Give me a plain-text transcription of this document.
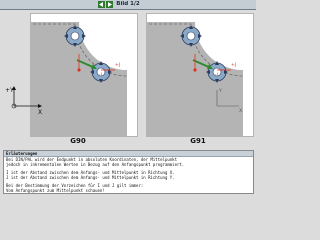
Bild 1/2
+J
-I
+Y
X
G90
+J
-I
Y
X
G91
Erläuterungen
Bei DIN/PAL wird der Endpunkt in absoluten Koordinaten, der Mittelpunkt
jedoch in inkrementalen Werten in Bezug auf den Anfangspunkt programmiert.
I ist der Abstand zwischen dem Anfangs- und Mittelpunkt in Richtung X.
J ist der Abstand zwischen dem Anfangs- und Mittelpunkt in Richtung Y.
Bei der Bestimmung der Vorzeichen für I und J gilt immer:
Vom Anfangspunkt zum Mittelpunkt schauen!
